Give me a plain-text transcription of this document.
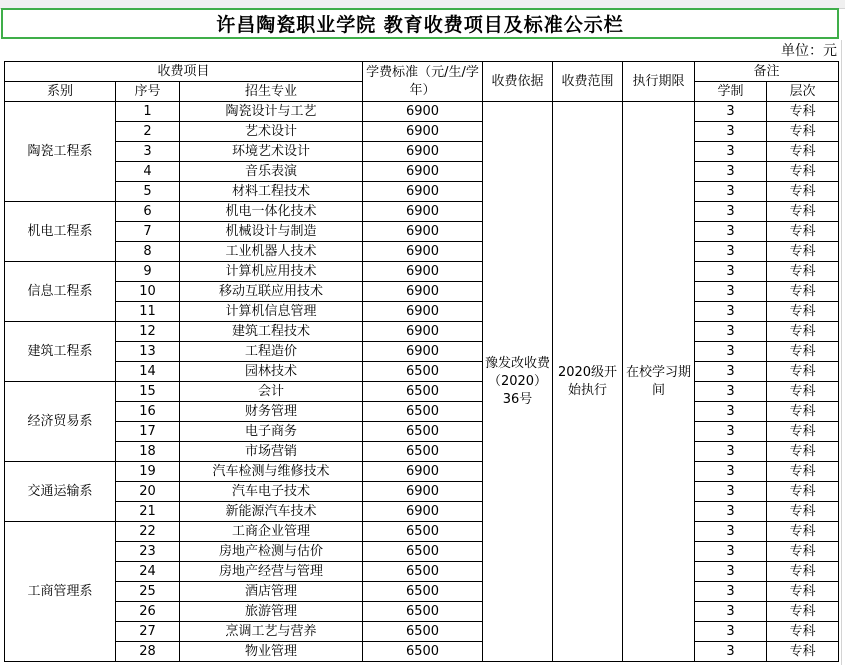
许昌陶瓷职业学院 教育收费项目及标准公示栏
单位：元
收费项目			学费标准（元/生/学年）	收费依据	收费范围	执行期限	备注	
系别	序号	招生专业					学制	层次
陶瓷工程系	1	陶瓷设计与工艺	6900	豫发改收费（2020）36号	2020级开始执行	在校学习期间	3	专科
	2	艺术设计	6900				3	专科
	3	环境艺术设计	6900				3	专科
	4	音乐表演	6900				3	专科
	5	材料工程技术	6900				3	专科
机电工程系	6	机电一体化技术	6900				3	专科
	7	机械设计与制造	6900				3	专科
	8	工业机器人技术	6900				3	专科
信息工程系	9	计算机应用技术	6900				3	专科
	10	移动互联应用技术	6900				3	专科
	11	计算机信息管理	6900				3	专科
建筑工程系	12	建筑工程技术	6900				3	专科
	13	工程造价	6900				3	专科
	14	园林技术	6500				3	专科
经济贸易系	15	会计	6500				3	专科
	16	财务管理	6500				3	专科
	17	电子商务	6500				3	专科
	18	市场营销	6500				3	专科
交通运输系	19	汽车检测与维修技术	6900				3	专科
	20	汽车电子技术	6900				3	专科
	21	新能源汽车技术	6900				3	专科
工商管理系	22	工商企业管理	6500				3	专科
	23	房地产检测与估价	6500				3	专科
	24	房地产经营与管理	6500				3	专科
	25	酒店管理	6500				3	专科
	26	旅游管理	6500				3	专科
	27	烹调工艺与营养	6500				3	专科
	28	物业管理	6500				3	专科
